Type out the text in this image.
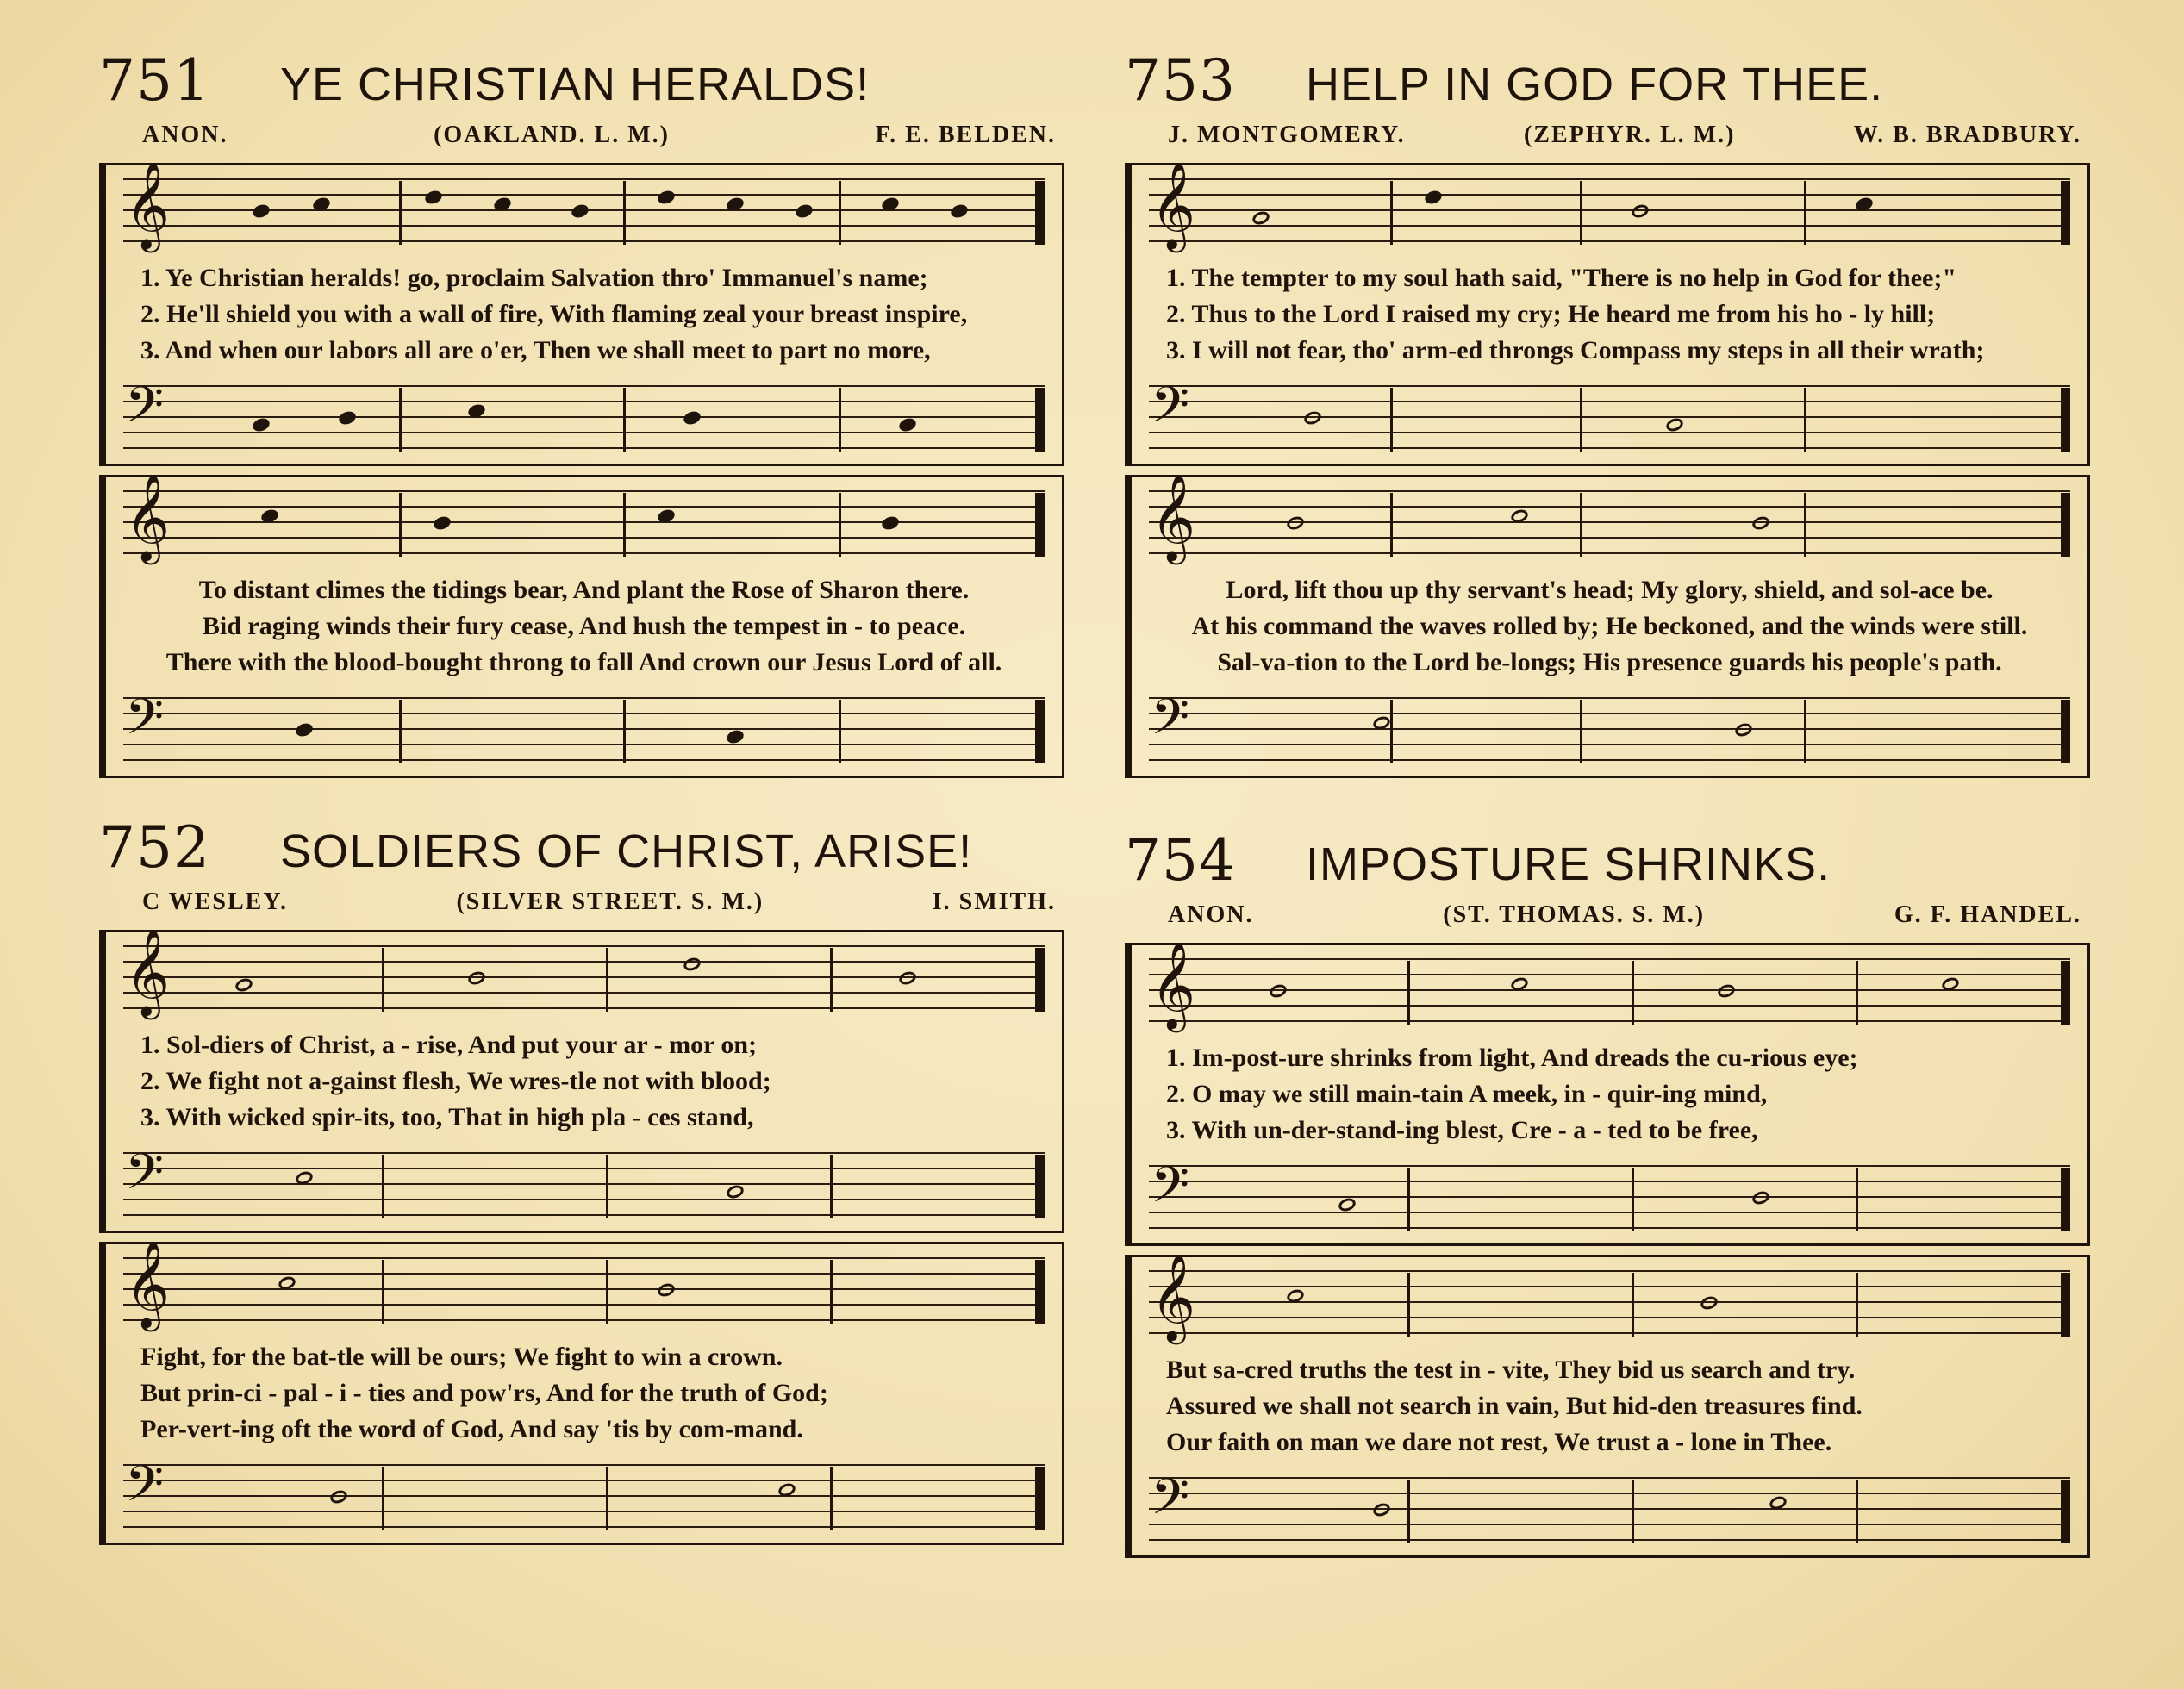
751	YE CHRISTIAN HERALDS!
ANON.	(OAKLAND. L. M.)	F. E. BELDEN.
𝄞
1. Ye Christian heralds! go, proclaim Salvation thro' Immanuel's name;
2. He'll shield you with a wall of fire, With flaming zeal your breast inspire,
3. And when our labors all are o'er, Then we shall meet to part no more,
𝄢
𝄞
To distant climes the tidings bear, And plant the Rose of Sharon there.
Bid raging winds their fury cease, And hush the tempest in - to peace.
There with the blood-bought throng to fall And crown our Jesus Lord of all.
𝄢
753	HELP IN GOD FOR THEE.
J. MONTGOMERY.	(ZEPHYR. L. M.)	W. B. BRADBURY.
𝄞
1. The tempter to my soul hath said, "There is no help in God for thee;"
2. Thus to the Lord I raised my cry; He heard me from his ho - ly hill;
3. I will not fear, tho' arm-ed throngs Compass my steps in all their wrath;
𝄢
𝄞
Lord, lift thou up thy servant's head; My glory, shield, and sol-ace be.
At his command the waves rolled by; He beckoned, and the winds were still.
Sal-va-tion to the Lord be-longs; His presence guards his people's path.
𝄢
752	SOLDIERS OF CHRIST, ARISE!
C WESLEY.	(SILVER STREET. S. M.)	I. SMITH.
𝄞
1. Sol-diers of Christ, a - rise, And put your ar - mor on;
2. We fight not a-gainst flesh, We wres-tle not with blood;
3. With wicked spir-its, too, That in high pla - ces stand,
𝄢
𝄞
Fight, for the bat-tle will be ours; We fight to win a crown.
But prin-ci - pal - i - ties and pow'rs, And for the truth of God;
Per-vert-ing oft the word of God, And say 'tis by com-mand.
𝄢
754	IMPOSTURE SHRINKS.
ANON.	(ST. THOMAS. S. M.)	G. F. HANDEL.
𝄞
1. Im-post-ure shrinks from light, And dreads the cu-rious eye;
2. O may we still main-tain A meek, in - quir-ing mind,
3. With un-der-stand-ing blest, Cre - a - ted to be free,
𝄢
𝄞
But sa-cred truths the test in - vite, They bid us search and try.
Assured we shall not search in vain, But hid-den treasures find.
Our faith on man we dare not rest, We trust a - lone in Thee.
𝄢
